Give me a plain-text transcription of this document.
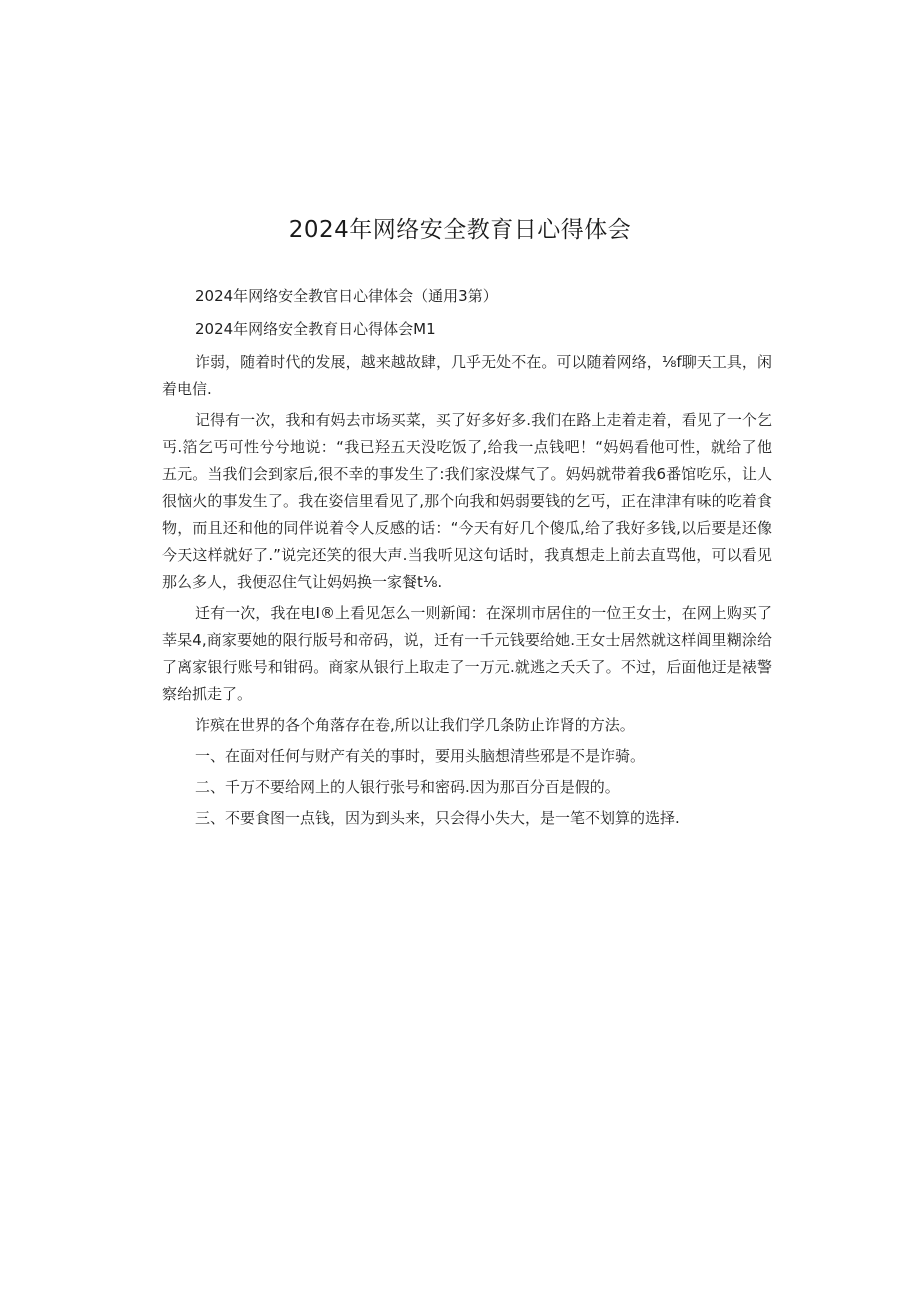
2024年网络安全教育日心得体会

2024年网络安全教官日心律体会（通用3第）

2024年网络安全教育日心得体会M1

诈弱，随着时代的发展，越来越故肆，几乎无处不在。可以随着网络，⅛f聊天工具，闲着电信.

记得有一次，我和有妈去市场买菜，买了好多好多.我们在路上走着走着，看见了一个乞丐.箔乞丐可性兮兮地说：“我已羟五天没吃饭了,给我一点钱吧！“妈妈看他可性，就给了他五元。当我们会到家后,很不幸的事发生了:我们家没煤气了。妈妈就带着我6番馆吃乐，让人很恼火的事发生了。我在姿信里看见了,那个向我和妈弱要钱的乞丐，正在津津有味的吃着食物，而且还和他的同伴说着令人反感的话：“今天有好几个傻瓜,给了我好多钱,以后要是还像今天这样就好了.”说完还笑的很大声.当我听见这句话时，我真想走上前去直骂他，可以看见那么多人，我便忍住气让妈妈换一家餐t⅛.

迁有一次，我在电I®上看见怎么一则新闻：在深圳市居住的一位王女士，在网上购买了莘杲4,商家要她的限行版号和帝码，说，迁有一千元钱要给她.王女士居然就这样阊里糊涂给了离家银行账号和钳码。商家从银行上取走了一万元.就逃之夭夭了。不过，后面他迂是裱警察绐抓走了。

诈殡在世界的各个角落存在卷,所以让我们学几条防止诈肾的方法。

一、在面对任何与财产有关的事时，要用头脑想清些邪是不是诈骑。

二、千万不要给网上的人银行张号和密码.因为那百分百是假的。

三、不要食图一点钱，因为到头来，只会得小失大，是一笔不划算的选择.
